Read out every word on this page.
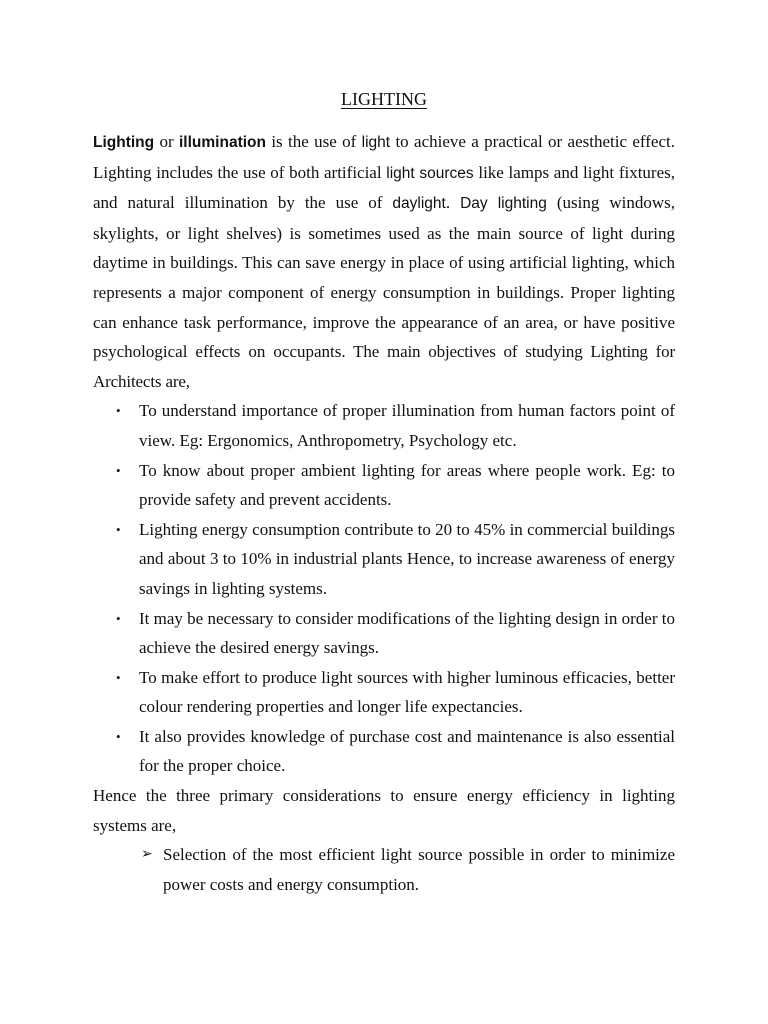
LIGHTING

Lighting or illumination is the use of light to achieve a practical or aesthetic effect. Lighting includes the use of both artificial light sources like lamps and light fixtures, and natural illumination by the use of daylight. Day lighting (using windows, skylights, or light shelves) is sometimes used as the main source of light during daytime in buildings. This can save energy in place of using artificial lighting, which represents a major component of energy consumption in buildings. Proper lighting can enhance task performance, improve the appearance of an area, or have positive psychological effects on occupants. The main objectives of studying Lighting for Architects are,

• To understand importance of proper illumination from human factors point of view. Eg: Ergonomics, Anthropometry, Psychology etc.
• To know about proper ambient lighting for areas where people work. Eg: to provide safety and prevent accidents.
• Lighting energy consumption contribute to 20 to 45% in commercial buildings and about 3 to 10% in industrial plants Hence, to increase awareness of energy savings in lighting systems.
• It may be necessary to consider modifications of the lighting design in order to achieve the desired energy savings.
• To make effort to produce light sources with higher luminous efficacies, better colour rendering properties and longer life expectancies.
• It also provides knowledge of purchase cost and maintenance is also essential for the proper choice.

Hence the three primary considerations to ensure energy efficiency in lighting systems are,

➢ Selection of the most efficient light source possible in order to minimize power costs and energy consumption.
